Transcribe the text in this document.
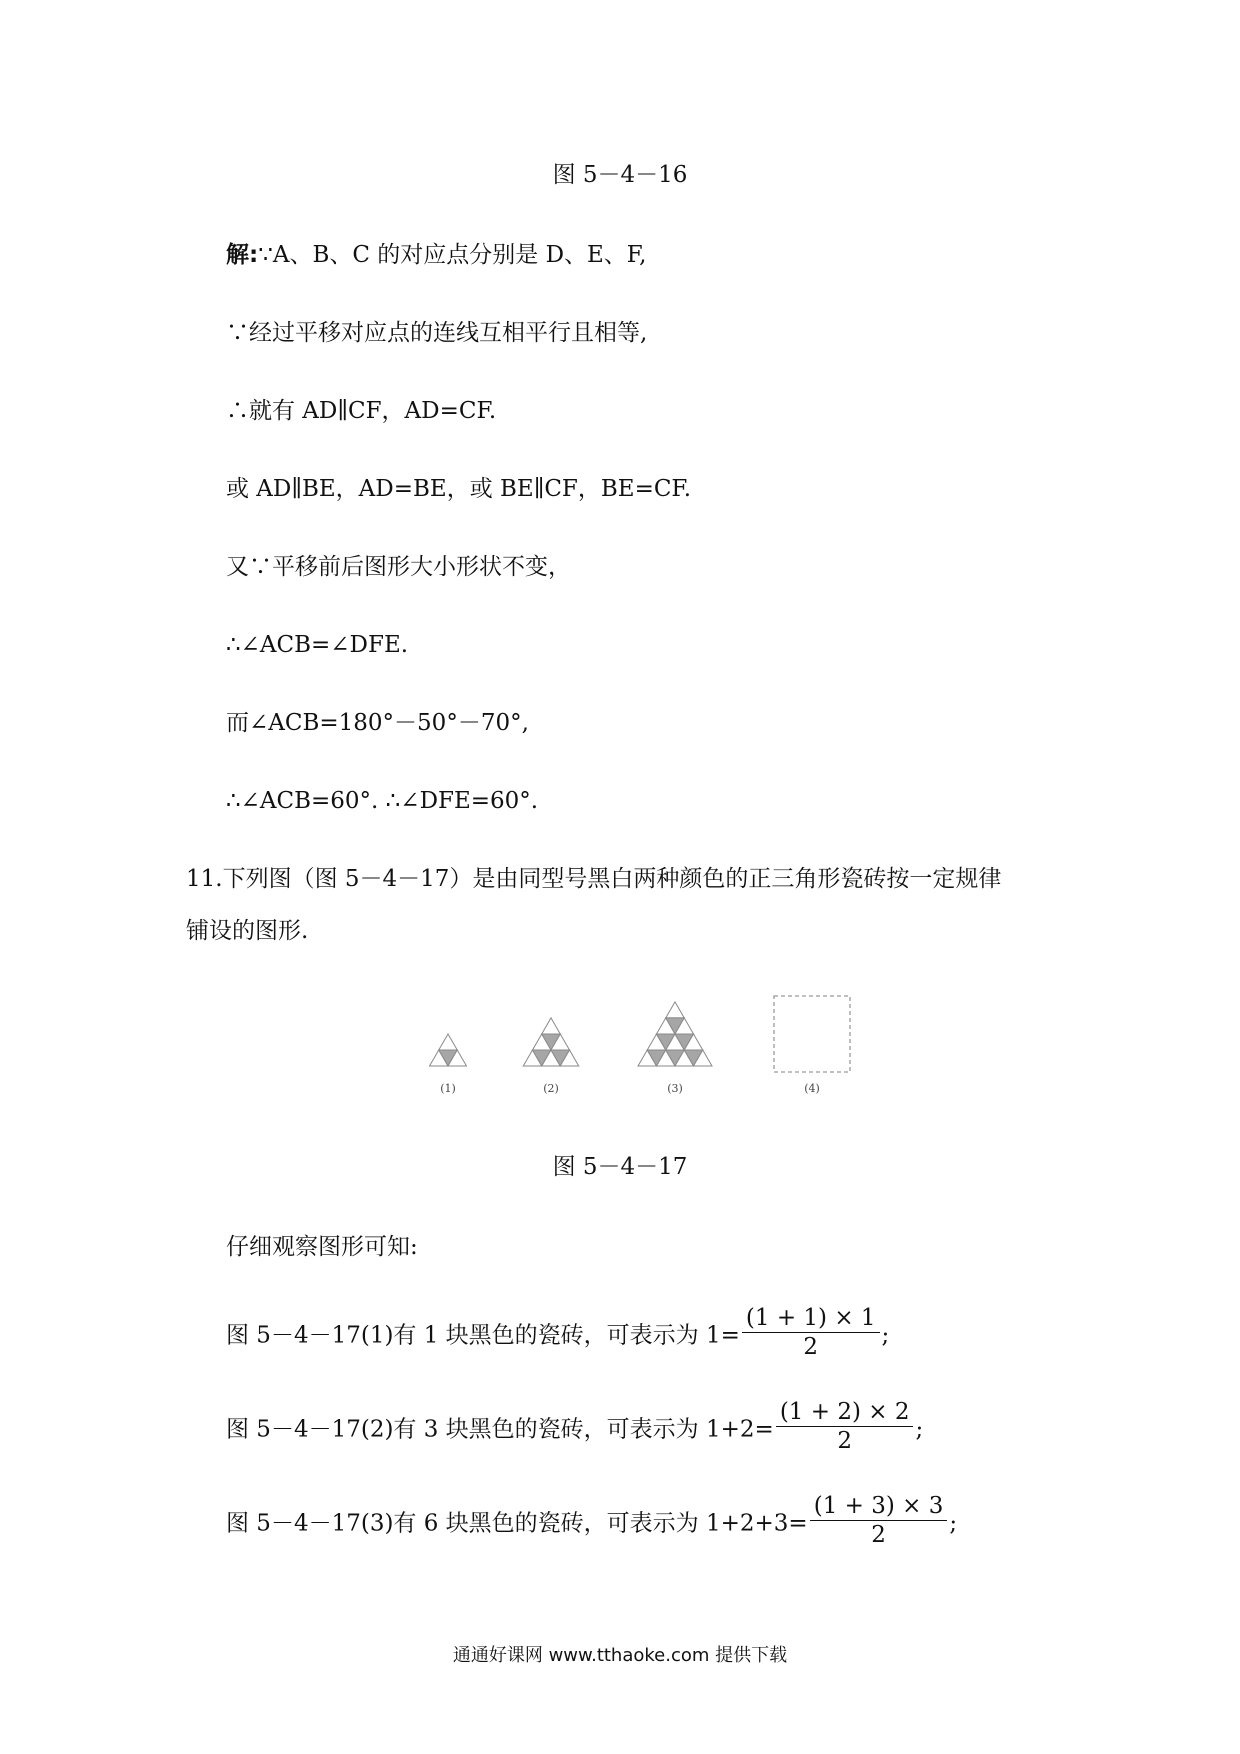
图 5－4－16
解:∵A、B、C 的对应点分别是 D、E、F,
∵经过平移对应点的连线互相平行且相等,
∴就有 AD∥CF，AD=CF.
或 AD∥BE，AD=BE，或 BE∥CF，BE=CF.
又∵平移前后图形大小形状不变，
∴∠ACB=∠DFE.
而∠ACB=180°－50°－70°,
∴∠ACB=60°. ∴∠DFE=60°.
11.下列图（图 5－4－17）是由同型号黑白两种颜色的正三角形瓷砖按一定规律
铺设的图形.
(1)	(2)	(3)	(4)
图 5－4－17
仔细观察图形可知:
图 5－4－17(1)有 1 块黑色的瓷砖，可表示为 $1= \frac{(1 + 1) \times 1}{2}$ ;
图 5－4－17(2)有 3 块黑色的瓷砖，可表示为 $1+2= \frac{(1 + 2) \times 2}{2}$ ;
图 5－4－17(3)有 6 块黑色的瓷砖，可表示为 $1+2+3= \frac{(1 + 3) \times 3}{2}$ ;
通通好课网 www.tthaoke.com 提供下载
